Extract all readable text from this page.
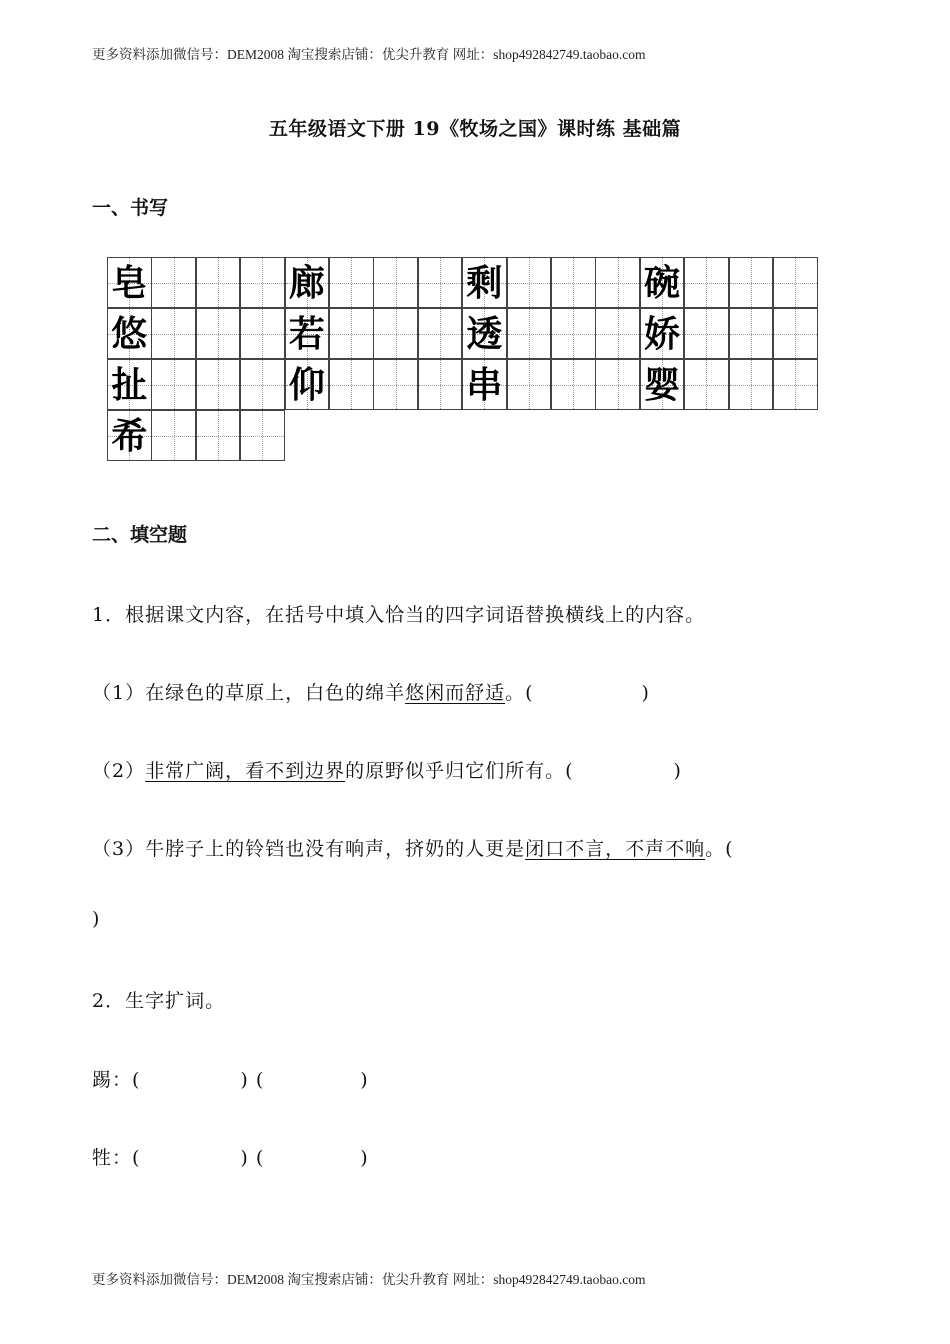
更多资料添加微信号：DEM2008 淘宝搜索店铺：优尖升教育 网址：shop492842749.taobao.com
五年级语文下册 19《牧场之国》课时练 基础篇
一、书写
皂	廊	剩	碗
悠	若	透	娇
扯	仰	串	婴
希
二、填空题
1．根据课文内容，在括号中填入恰当的四字词语替换横线上的内容。
（1）在绿色的草原上，白色的绵羊悠闲而舒适。(	)
（2）非常广阔，看不到边界的原野似乎归它们所有。(	)
（3）牛脖子上的铃铛也没有响声，挤奶的人更是闭口不言，不声不响。(
)
2．生字扩词。
踢：(	) (	)
牲：(	) (	)
更多资料添加微信号：DEM2008 淘宝搜索店铺：优尖升教育 网址：shop492842749.taobao.com
